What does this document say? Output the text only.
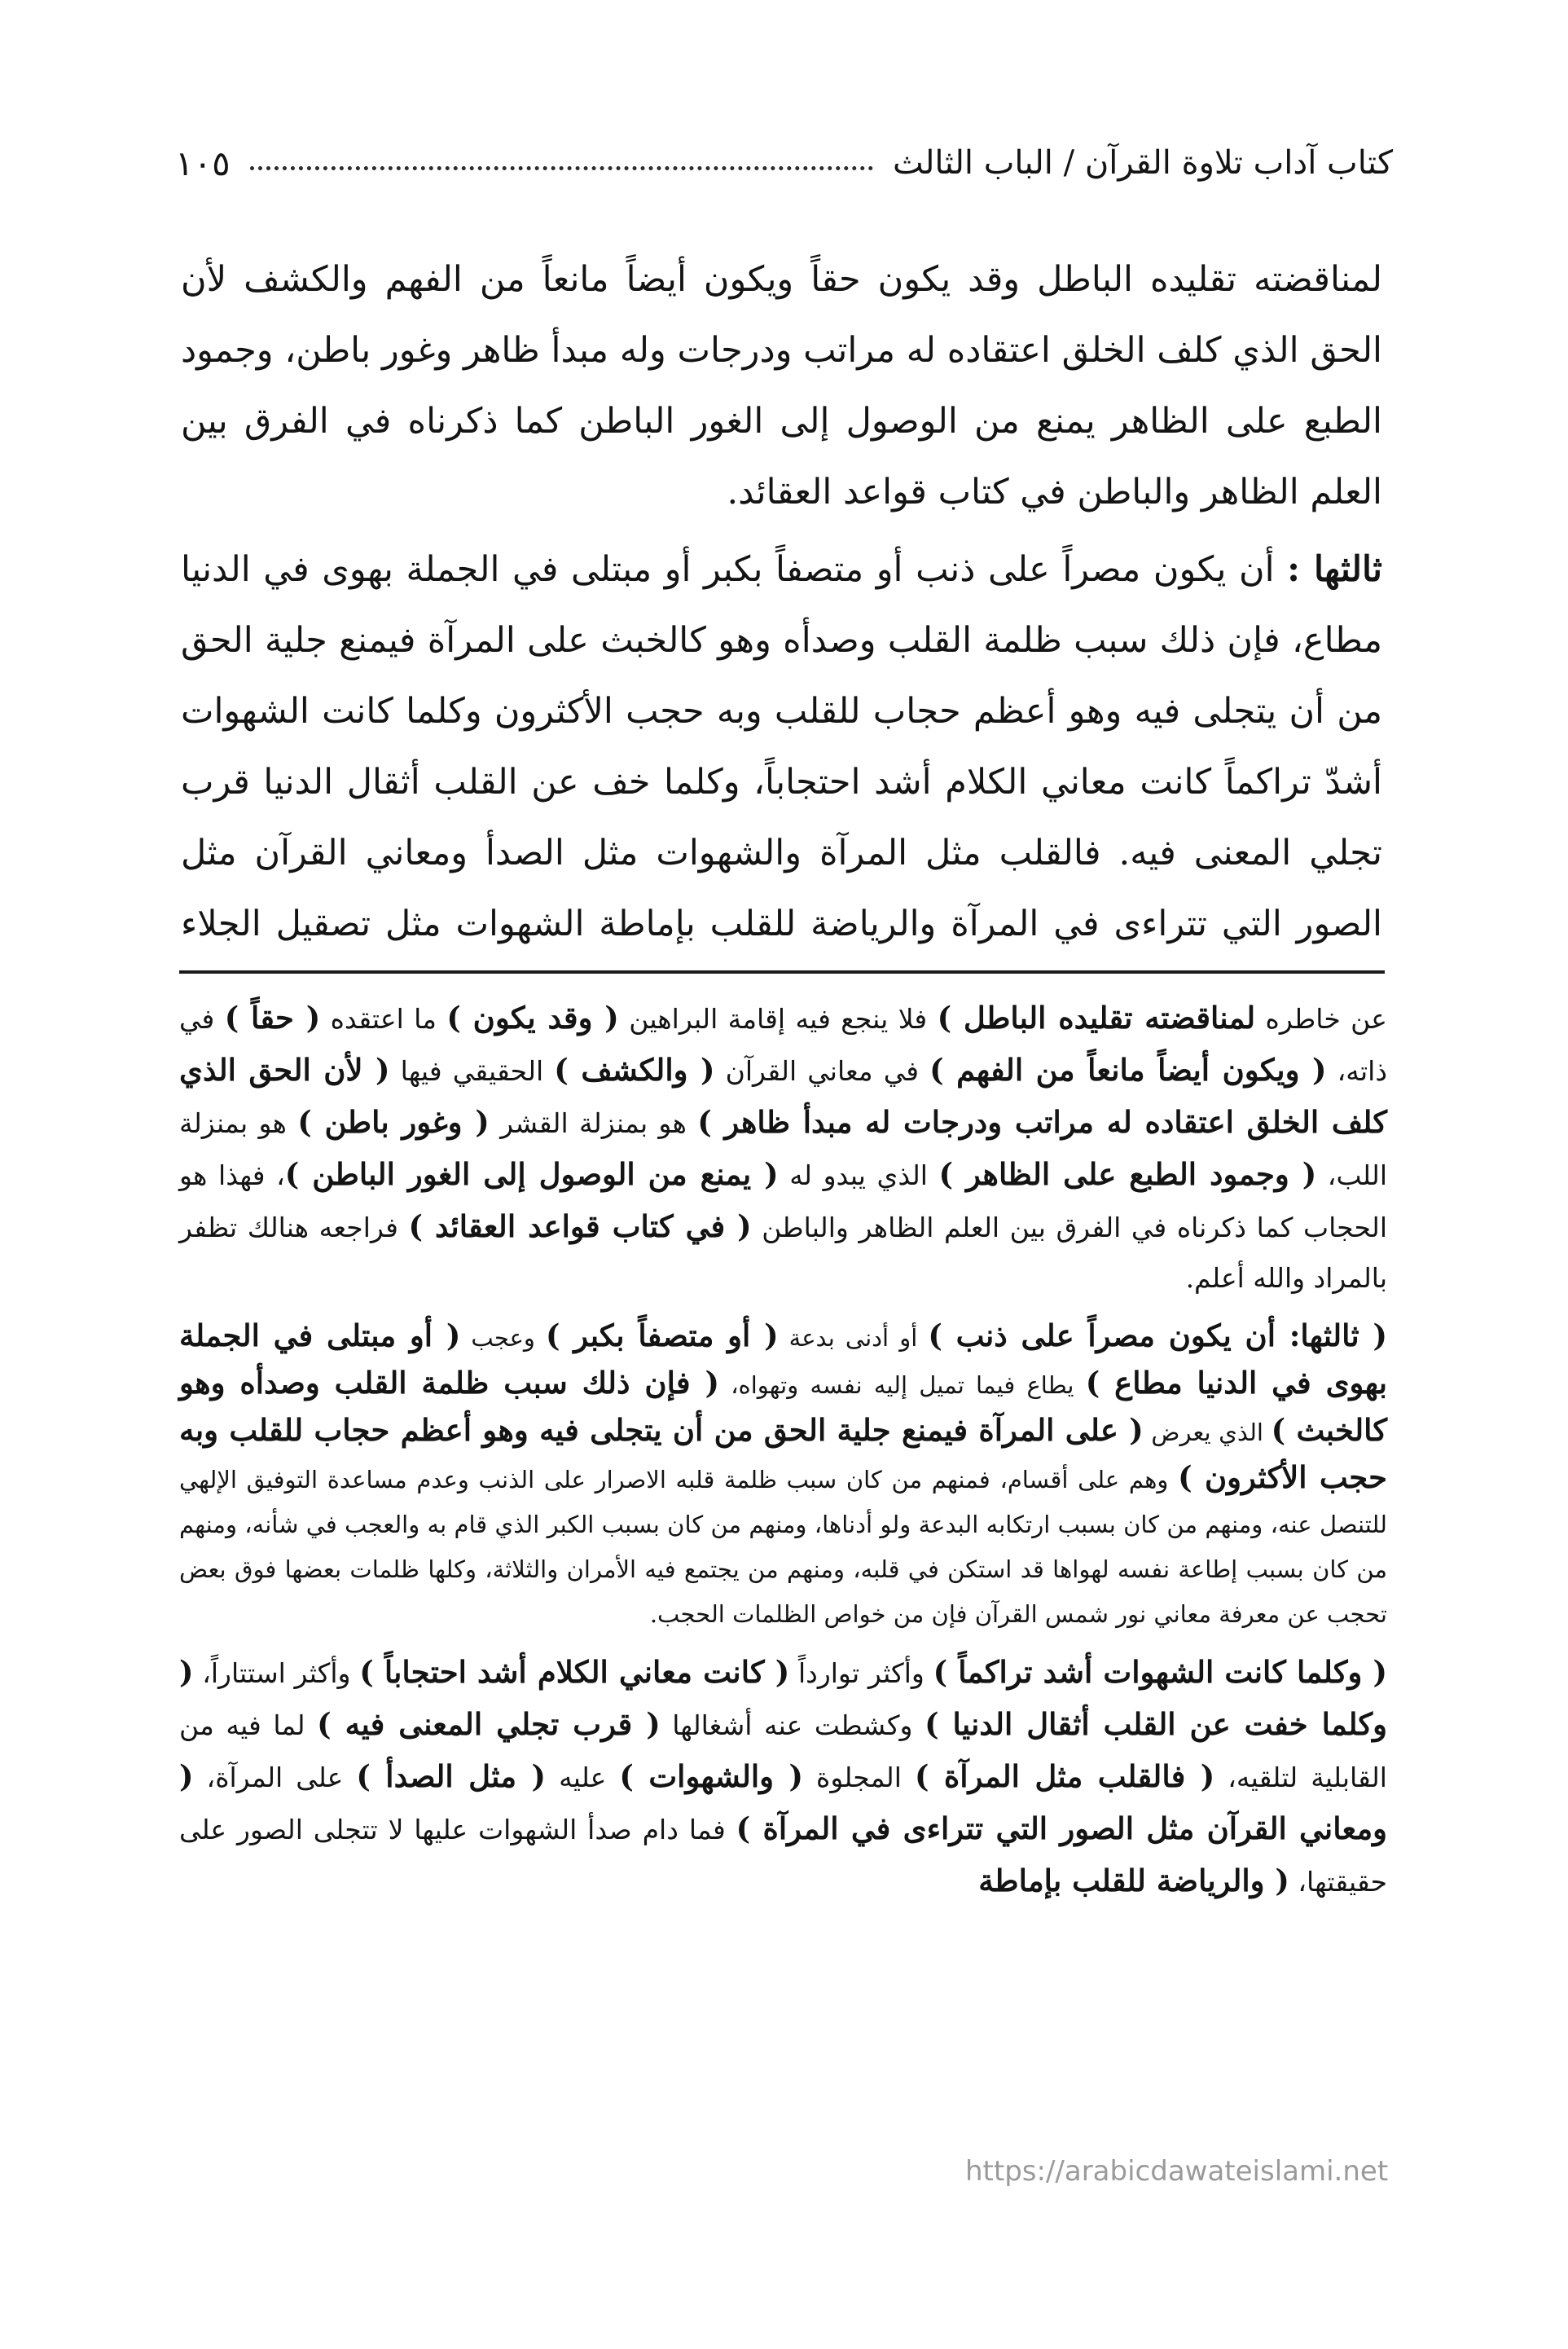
كتاب آداب تلاوة القرآن / الباب الثالث
١٠٥

لمناقضته تقليده الباطل وقد يكون حقاً ويكون أيضاً مانعاً من الفهم والكشف لأن الحق الذي كلف الخلق اعتقاده له مراتب ودرجات وله مبدأ ظاهر وغور باطن، وجمود الطبع على الظاهر يمنع من الوصول إلى الغور الباطن كما ذكرناه في الفرق بين العلم الظاهر والباطن في كتاب قواعد العقائد.

ثالثها : أن يكون مصراً على ذنب أو متصفاً بكبر أو مبتلى في الجملة بهوى في الدنيا مطاع، فإن ذلك سبب ظلمة القلب وصدأه وهو كالخبث على المرآة فيمنع جلية الحق من أن يتجلى فيه وهو أعظم حجاب للقلب وبه حجب الأكثرون وكلما كانت الشهوات أشدّ تراكماً كانت معاني الكلام أشد احتجاباً، وكلما خف عن القلب أثقال الدنيا قرب تجلي المعنى فيه. فالقلب مثل المرآة والشهوات مثل الصدأ ومعاني القرآن مثل الصور التي تتراءى في المرآة والرياضة للقلب بإماطة الشهوات مثل تصقيل الجلاء

عن خاطره لمناقضته تقليده الباطل ) فلا ينجع فيه إقامة البراهين ( وقد يكون ) ما اعتقده ( حقاً ) في ذاته، ( ويكون أيضاً مانعاً من الفهم ) في معاني القرآن ( والكشف ) الحقيقي فيها ( لأن الحق الذي كلف الخلق اعتقاده له مراتب ودرجات له مبدأ ظاهر ) هو بمنزلة القشر ( وغور باطن ) هو بمنزلة اللب، ( وجمود الطبع على الظاهر ) الذي يبدو له ( يمنع من الوصول إلى الغور الباطن )، فهذا هو الحجاب كما ذكرناه في الفرق بين العلم الظاهر والباطن ( في كتاب قواعد العقائد ) فراجعه هنالك تظفر بالمراد والله أعلم.

( ثالثها: أن يكون مصراً على ذنب ) أو أدنى بدعة ( أو متصفاً بكبر ) وعجب ( أو مبتلى في الجملة بهوى في الدنيا مطاع ) يطاع فيما تميل إليه نفسه وتهواه، ( فإن ذلك سبب ظلمة القلب وصدأه وهو كالخبث ) الذي يعرض ( على المرآة فيمنع جلية الحق من أن يتجلى فيه وهو أعظم حجاب للقلب وبه حجب الأكثرون ) وهم على أقسام، فمنهم من كان سبب ظلمة قلبه الاصرار على الذنب وعدم مساعدة التوفيق الإلهي للتنصل عنه، ومنهم من كان بسبب ارتكابه البدعة ولو أدناها، ومنهم من كان بسبب الكبر الذي قام به والعجب في شأنه، ومنهم من كان بسبب إطاعة نفسه لهواها قد استكن في قلبه، ومنهم من يجتمع فيه الأمران والثلاثة، وكلها ظلمات بعضها فوق بعض تحجب عن معرفة معاني نور شمس القرآن فإن من خواص الظلمات الحجب.

( وكلما كانت الشهوات أشد تراكماً ) وأكثر توارداً ( كانت معاني الكلام أشد احتجاباً ) وأكثر استتاراً، ( وكلما خفت عن القلب أثقال الدنيا ) وكشطت عنه أشغالها ( قرب تجلي المعنى فيه ) لما فيه من القابلية لتلقيه، ( فالقلب مثل المرآة ) المجلوة ( والشهوات ) عليه ( مثل الصدأ ) على المرآة، ( ومعاني القرآن مثل الصور التي تتراءى في المرآة ) فما دام صدأ الشهوات عليها لا تتجلى الصور على حقيقتها، ( والرياضة للقلب بإماطة

https://arabicdawateislami.net
